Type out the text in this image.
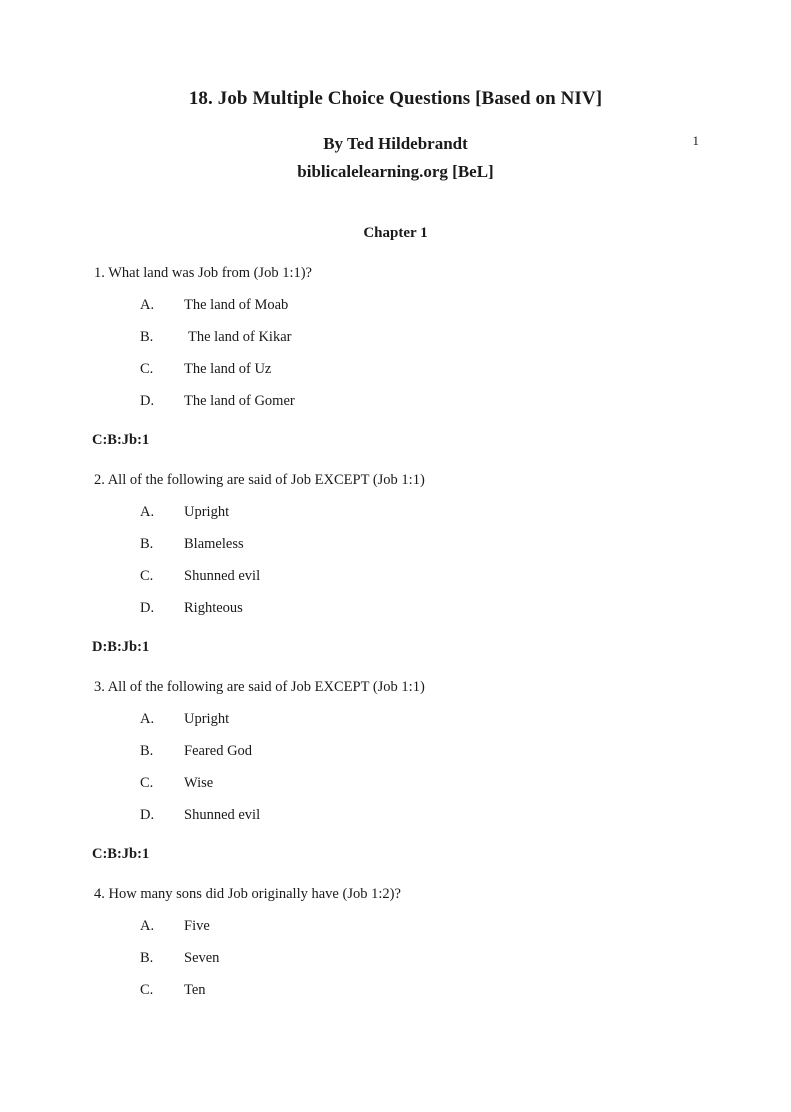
1
18. Job Multiple Choice Questions [Based on NIV]
By Ted Hildebrandt
biblicalelearning.org [BeL]
Chapter 1
1. What land was Job from (Job 1:1)?
A.	The land of Moab
B.	The land of Kikar
C.	The land of Uz
D.	The land of Gomer
C:B:Jb:1
2. All of the following are said of Job EXCEPT (Job 1:1)
A.	Upright
B.	Blameless
C.	Shunned evil
D.	Righteous
D:B:Jb:1
3. All of the following are said of Job EXCEPT (Job 1:1)
A.	Upright
B.	Feared God
C.	Wise
D.	Shunned evil
C:B:Jb:1
4. How many sons did Job originally have (Job 1:2)?
A.	Five
B.	Seven
C.	Ten
